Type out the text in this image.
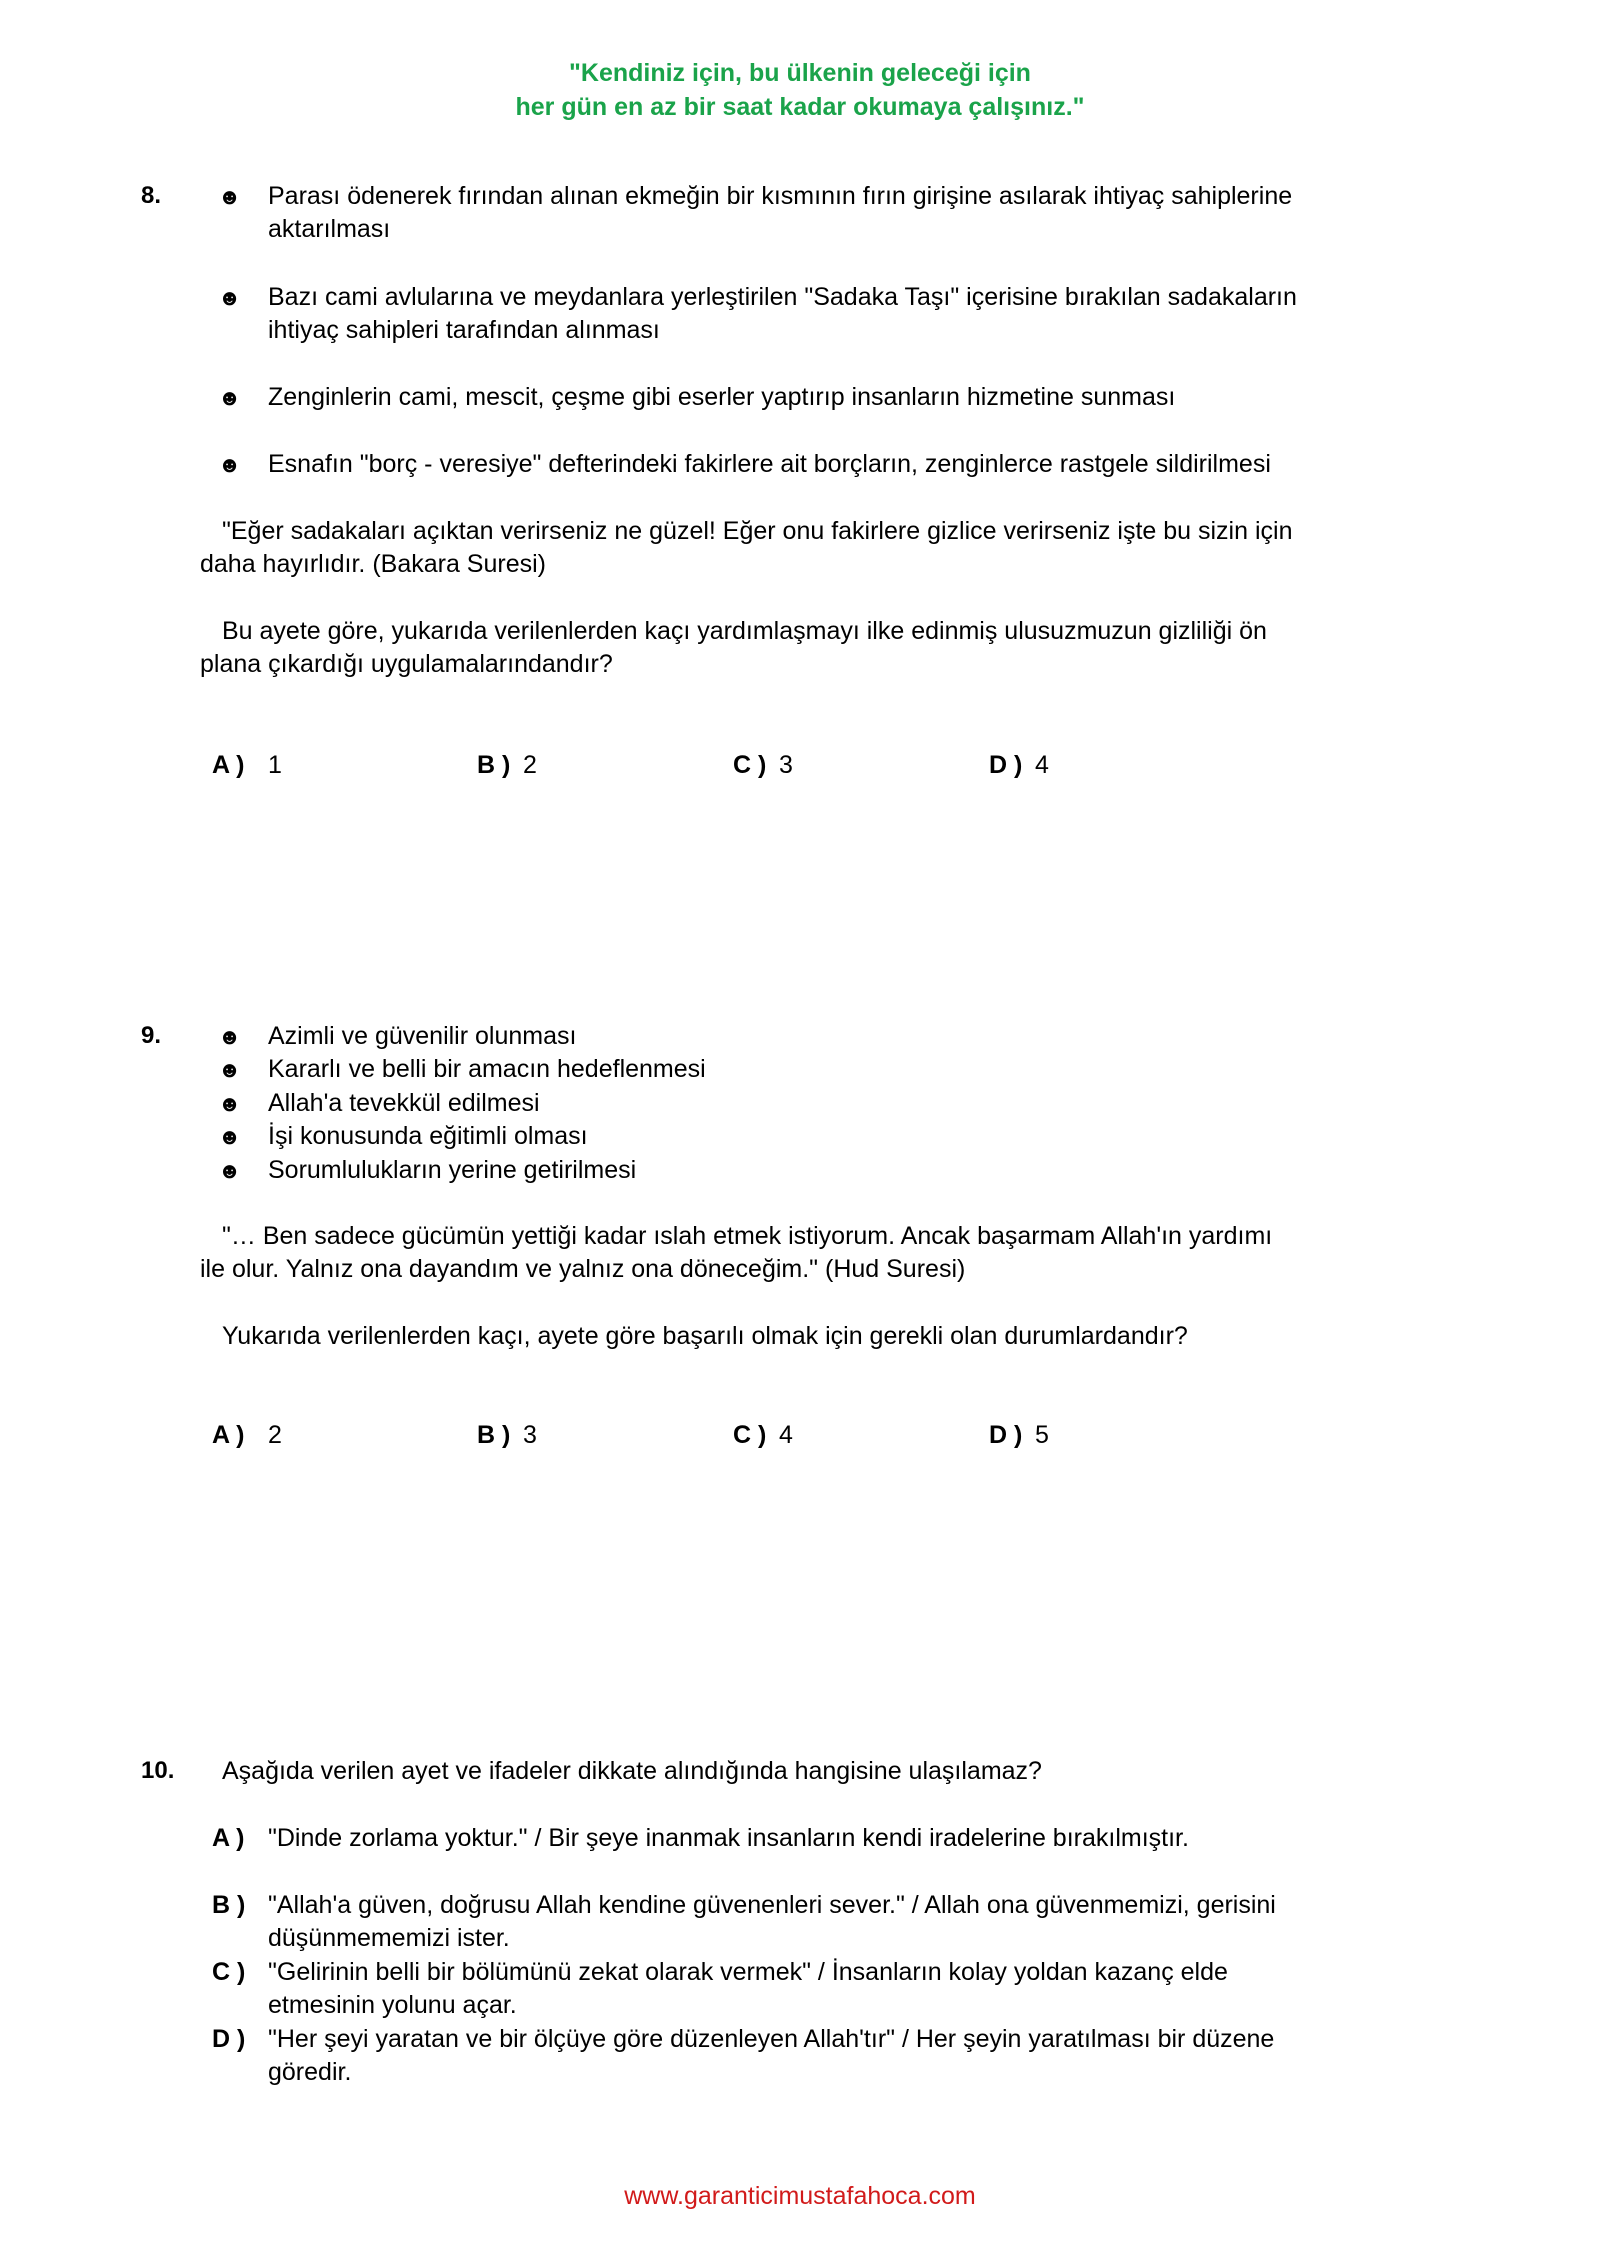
"Kendiniz için, bu ülkenin geleceği için
her gün en az bir saat kadar okumaya çalışınız."
8.	☻ Parası ödenerek fırından alınan ekmeğin bir kısmının fırın girişine asılarak ihtiyaç sahiplerine
aktarılması
☻ Bazı cami avlularına ve meydanlara yerleştirilen "Sadaka Taşı" içerisine bırakılan sadakaların
ihtiyaç sahipleri tarafından alınması
☻ Zenginlerin cami, mescit, çeşme gibi eserler yaptırıp insanların hizmetine sunması
☻ Esnafın "borç - veresiye" defterindeki fakirlere ait borçların, zenginlerce rastgele sildirilmesi
"Eğer sadakaları açıktan verirseniz ne güzel! Eğer onu fakirlere gizlice verirseniz işte bu sizin için
daha hayırlıdır. (Bakara Suresi)
Bu ayete göre, yukarıda verilenlerden kaçı yardımlaşmayı ilke edinmiş ulusuzmuzun gizliliği ön
plana çıkardığı uygulamalarındandır?
A ) 1	B ) 2	C ) 3	D ) 4
9.	☻ Azimli ve güvenilir olunması
☻ Kararlı ve belli bir amacın hedeflenmesi
☻ Allah'a tevekkül edilmesi
☻ İşi konusunda eğitimli olması
☻ Sorumlulukların yerine getirilmesi
"… Ben sadece gücümün yettiği kadar ıslah etmek istiyorum. Ancak başarmam Allah'ın yardımı
ile olur. Yalnız ona dayandım ve yalnız ona döneceğim." (Hud Suresi)
Yukarıda verilenlerden kaçı, ayete göre başarılı olmak için gerekli olan durumlardandır?
A ) 2	B ) 3	C ) 4	D ) 5
10. Aşağıda verilen ayet ve ifadeler dikkate alındığında hangisine ulaşılamaz?
A ) "Dinde zorlama yoktur." / Bir şeye inanmak insanların kendi iradelerine bırakılmıştır.
B ) "Allah'a güven, doğrusu Allah kendine güvenenleri sever." / Allah ona güvenmemizi, gerisini
düşünmememizi ister.
C ) "Gelirinin belli bir bölümünü zekat olarak vermek" / İnsanların kolay yoldan kazanç elde
etmesinin yolunu açar.
D ) "Her şeyi yaratan ve bir ölçüye göre düzenleyen Allah'tır" / Her şeyin yaratılması bir düzene
göredir.
www.garanticimustafahoca.com
